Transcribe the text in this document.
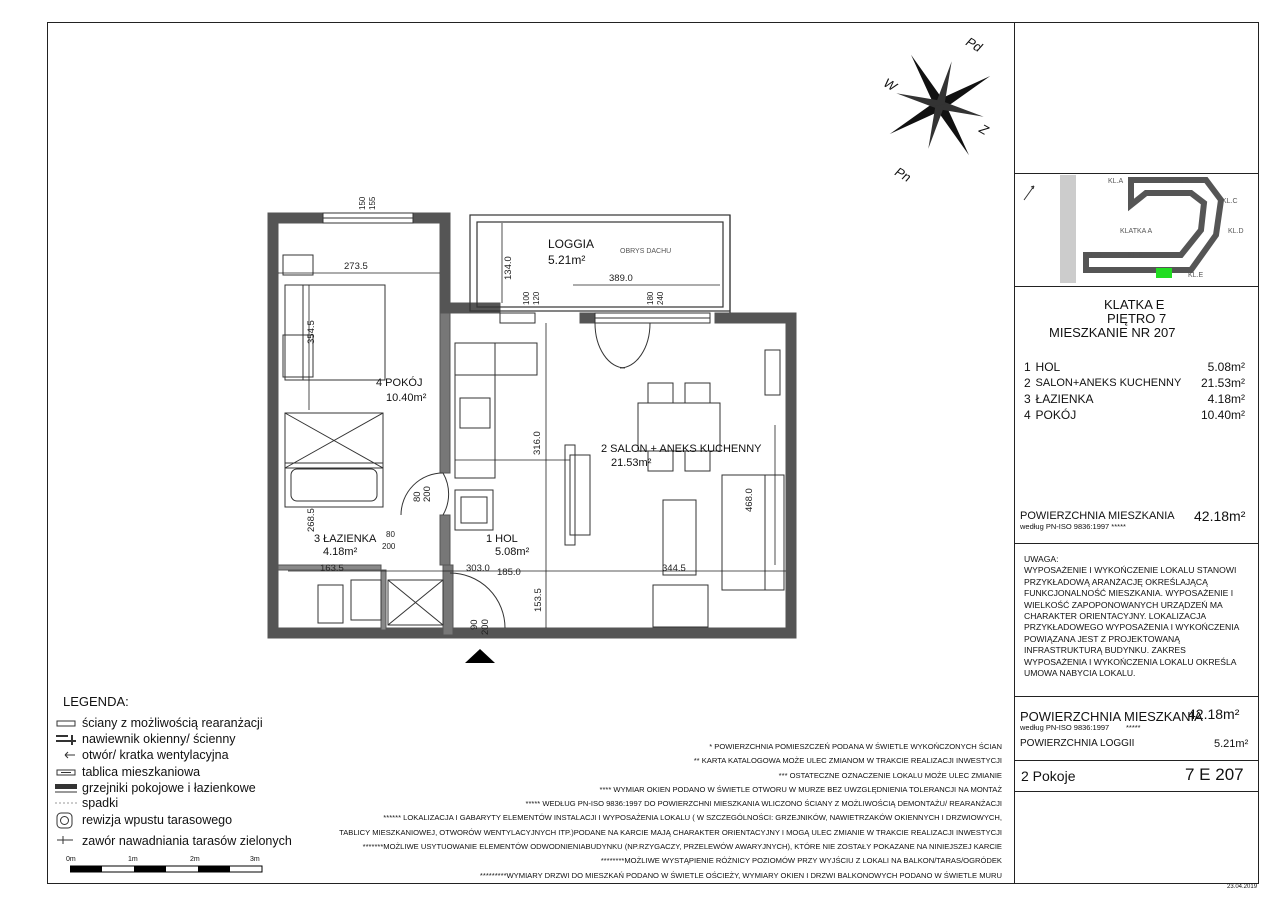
Pd
W
Z
Pn
LOGGIA
5.21m²
OBRYS DACHU
4 POKÓJ
10.40m²
2 SALON + ANEKS KUCHENNY
21.53m²
3 ŁAZIENKA
4.18m²
1 HOL
5.08m²
273.5
389.0
185.0
163.5	303.0	344.5
134.0
354.5
316.0
468.0
268.5
153.5
80 200
80
200
90 200
150 155
100 120	180 240
KL.A	KL.B
KL.C
KL.D
KLATKA A
KL.G	KL.F
KL.E
KLATKA E
PIĘTRO 7
MIESZKANIE NR 207
1	HOL	5.08m²
2	SALON+ANEKS KUCHENNY	21.53m²
3	ŁAZIENKA	4.18m²
4	POKÓJ	10.40m²
POWIERZCHNIA MIESZKANIA
według PN-ISO 9836:1997 *****
42.18m²
UWAGA:
WYPOSAŻENIE I WYKOŃCZENIE LOKALU STANOWI PRZYKŁADOWĄ ARANŻACJĘ OKREŚLAJĄCĄ FUNKCJONALNOŚĆ MIESZKANIA. WYPOSAŻENIE I WIELKOŚĆ ZAPOPONOWANYCH URZĄDZEŃ MA CHARAKTER ORIENTACYJNY. LOKALIZACJA PRZYKŁADOWEGO WYPOSAŻENIA I WYKOŃCZENIA POWIĄZANA JEST Z PROJEKTOWANĄ INFRASTRUKTURĄ BUDYNKU. ZAKRES WYPOSAŻENIA I WYKOŃCZENIA LOKALU OKREŚLA UMOWA NABYCIA LOKALU.
POWIERZCHNIA MIESZKANIA
42.18m²
według PN-ISO 9836:1997 *****
POWIERZCHNIA LOGGII	5.21m²
2 Pokoje	7 E 207
23.04.2019
LEGENDA:
ściany z możliwością rearanżacji
nawiewnik okienny/ ścienny
otwór/ kratka wentylacyjna
tablica mieszkaniowa
grzejniki pokojowe i łazienkowe
spadki
rewizja wpustu tarasowego
zawór nawadniania tarasów zielonych
0m	1m	2m	3m
* POWIERZCHNIA POMIESZCZEŃ PODANA W ŚWIETLE WYKOŃCZONYCH ŚCIAN
** KARTA KATALOGOWA MOŻE ULEC ZMIANOM W TRAKCIE REALIZACJI INWESTYCJI
*** OSTATECZNE OZNACZENIE LOKALU MOŻE ULEC ZMIANIE
**** WYMIAR OKIEN PODANO W ŚWIETLE OTWORU W MURZE BEZ UWZGLĘDNIENIA TOLERANCJI NA MONTAŻ
***** WEDŁUG PN-ISO 9836:1997 DO POWIERZCHNI MIESZKANIA WLICZONO ŚCIANY Z MOŻLIWOŚCIĄ DEMONTAŻU/ REARANŻACJI
****** LOKALIZACJA I GABARYTY ELEMENTÓW INSTALACJI I WYPOSAŻENIA LOKALU ( W SZCZEGÓLNOŚCI: GRZEJNIKÓW, NAWIETRZAKÓW OKIENNYCH I DRZWIOWYCH,
TABLICY MIESZKANIOWEJ, OTWORÓW WENTYLACYJNYCH ITP.)PODANE NA KARCIE MAJĄ CHARAKTER ORIENTACYJNY I MOGĄ ULEC ZMIANIE W TRAKCIE REALIZACJI INWESTYCJI
*******MOŻLIWE USYTUOWANIE ELEMENTÓW ODWODNIENIABUDYNKU (NP.RZYGACZY, PRZELEWÓW AWARYJNYCH), KTÓRE NIE ZOSTAŁY POKAZANE NA NINIEJSZEJ KARCIE
********MOŻLIWE WYSTĄPIENIE RÓŻNICY POZIOMÓW PRZY WYJŚCIU Z LOKALI NA BALKON/TARAS/OGRÓDEK
*********WYMIARY DRZWI DO MIESZKAŃ PODANO W ŚWIETLE OŚCIEŻY, WYMIARY OKIEN I DRZWI BALKONOWYCH PODANO W ŚWIETLE MURU
